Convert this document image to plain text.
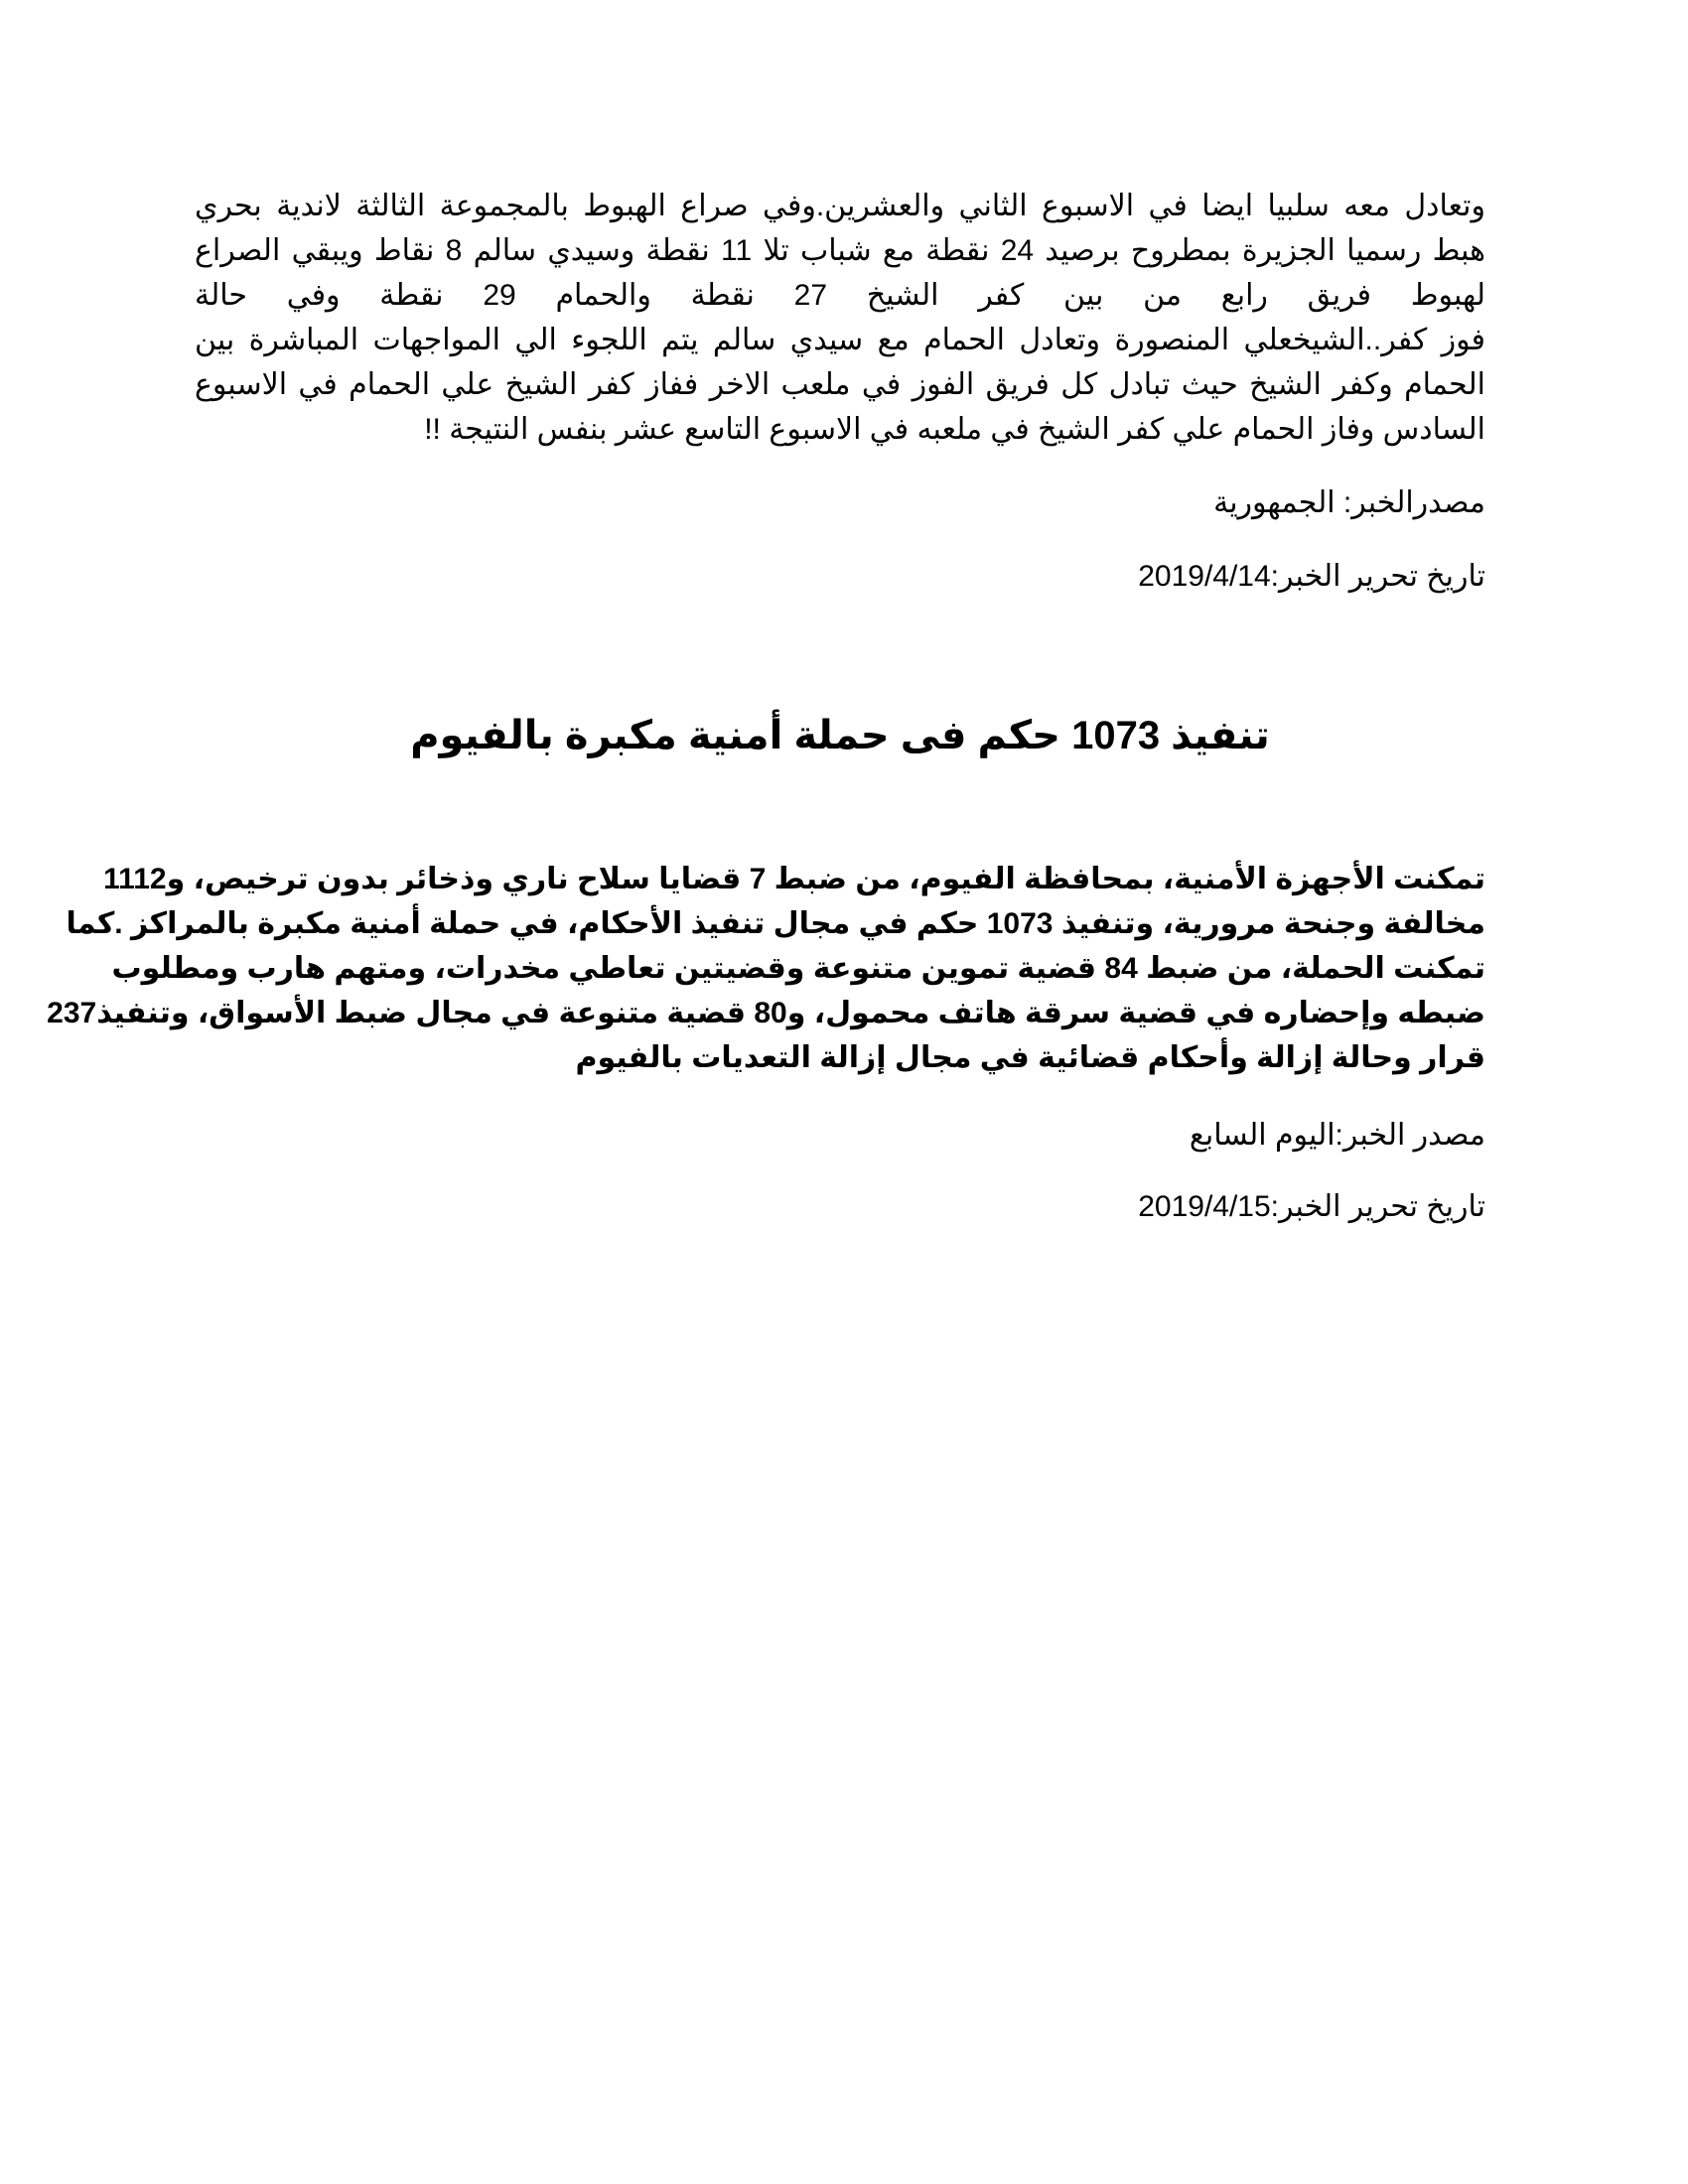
وتعادل معه سلبيا ايضا في الاسبوع الثاني والعشرين.وفي صراع الهبوط بالمجموعة الثالثة لاندية بحري
هبط رسميا الجزيرة بمطروح برصيد 24 نقطة مع شباب تلا 11 نقطة وسيدي سالم 8 نقاط ويبقي الصراع
لهبوط فريق رابع من بين كفر الشيخ 27 نقطة والحمام 29 نقطة وفي حالة
فوز كفر..الشيخعلي المنصورة وتعادل الحمام مع سيدي سالم يتم اللجوء الي المواجهات المباشرة بين
الحمام وكفر الشيخ حيث تبادل كل فريق الفوز في ملعب الاخر ففاز كفر الشيخ علي الحمام في الاسبوع
السادس وفاز الحمام علي كفر الشيخ في ملعبه في الاسبوع التاسع عشر بنفس النتيجة !!

مصدرالخبر: الجمهورية

تاريخ تحرير الخبر:2019/4/14

تنفيذ 1073 حكم فى حملة أمنية مكبرة بالفيوم
تمكنت الأجهزة الأمنية، بمحافظة الفيوم، من ضبط 7 قضايا سلاح ناري وذخائر بدون ترخيص، و1112
مخالفة وجنحة مرورية، وتنفيذ 1073 حكم في مجال تنفيذ الأحكام، في حملة أمنية مكبرة بالمراكز .كما
تمكنت الحملة، من ضبط 84 قضية تموين متنوعة وقضيتين تعاطي مخدرات، ومتهم هارب ومطلوب
ضبطه وإحضاره في قضية سرقة هاتف محمول، و80 قضية متنوعة في مجال ضبط الأسواق، وتنفيذ237
قرار وحالة إزالة وأحكام قضائية في مجال إزالة التعديات بالفيوم

مصدر الخبر:اليوم السابع

تاريخ تحرير الخبر:2019/4/15
